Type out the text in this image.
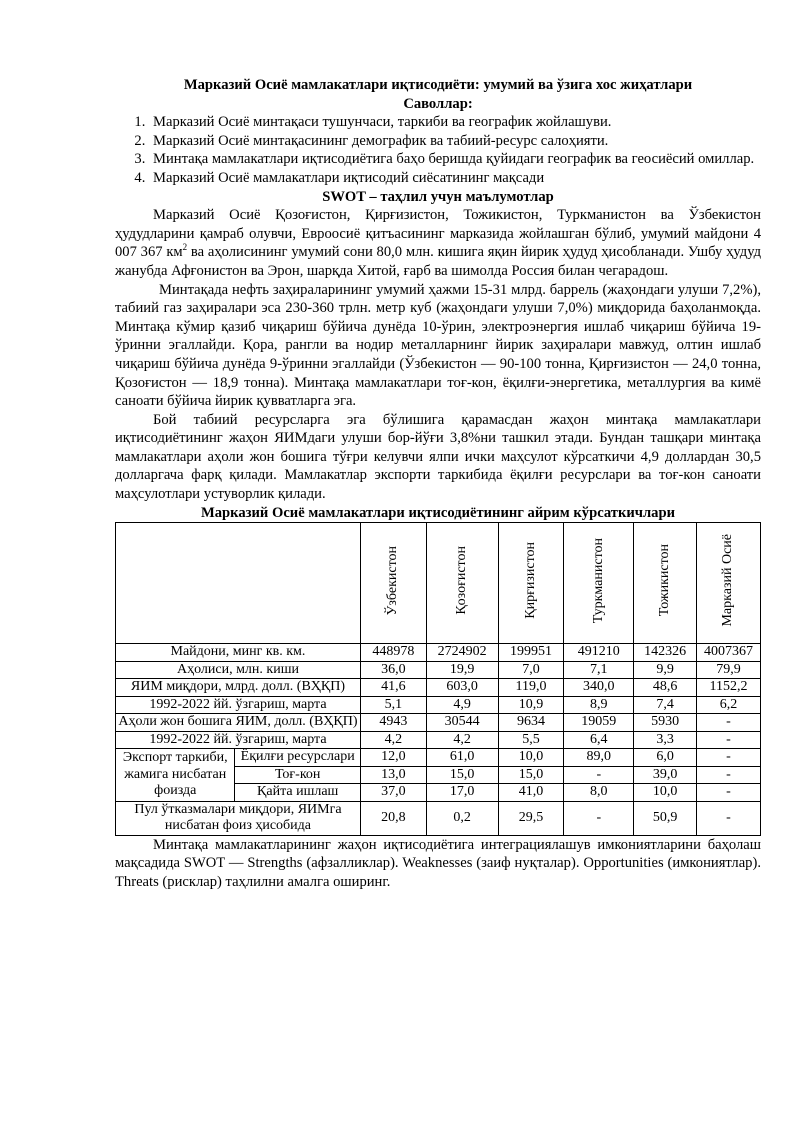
Марказий Осиё мамлакатлари иқтисодиёти: умумий ва ўзига хос жиҳатлари
Саволлар:
1. Марказий Осиё минтақаси тушунчаси, таркиби ва географик жойлашуви.
2. Марказий Осиё минтақасининг демографик ва табиий-ресурс салоҳияти.
3. Минтақа мамлакатлари иқтисодиётига баҳо беришда қуйидаги географик ва геосиёсий омиллар.
4. Марказий Осиё мамлакатлари иқтисодий сиёсатининг мақсади
SWOT – таҳлил учун маълумотлар

Марказий Осиё Қозоғистон, Қирғизистон, Тожикистон, Туркманистон ва Ўзбекистон ҳудудларини қамраб олувчи, Евроосиё қитъасининг марказида жойлашган бўлиб, умумий майдони 4 007 367 $км^2$ ва аҳолисининг умумий сони 80,0 млн. кишига яқин йирик ҳудуд ҳисобланади. Ушбу ҳудуд жанубда Афғонистон ва Эрон, шарқда Хитой, ғарб ва шимолда Россия билан чегарадош.

Минтақада нефть заҳираларининг умумий ҳажми 15-31 млрд. баррель (жаҳондаги улуши 7,2%), табиий газ заҳиралари эса 230-360 трлн. метр куб (жаҳондаги улуши 7,0%) миқдорида баҳоланмоқда. Минтақа кўмир қазиб чиқариш бўйича дунёда 10-ўрин, электроэнергия ишлаб чиқариш бўйича 19-ўринни эгаллайди. Қора, рангли ва нодир металларнинг йирик заҳиралари мавжуд, олтин ишлаб чиқариш бўйича дунёда 9-ўринни эгаллайди (Ўзбекистон — 90-100 тонна, Қирғизистон — 24,0 тонна, Қозоғистон — 18,9 тонна). Минтақа мамлакатлари тоғ-кон, ёқилғи-энергетика, металлургия ва кимё саноати бўйича йирик қувватларга эга.

Бой табиий ресурсларга эга бўлишига қарамасдан жаҳон минтақа мамлакатлари иқтисодиётининг жаҳон ЯИМдаги улуши бор-йўғи 3,8%ни ташкил этади. Бундан ташқари минтақа мамлакатлари аҳоли жон бошига тўғри келувчи ялпи ички маҳсулот кўрсаткичи 4,9 доллардан 30,5 долларгача фарқ қилади. Мамлакатлар экспорти таркибида ёқилғи ресурслари ва тоғ-кон саноати маҳсулотлари устуворлик қилади.

Марказий Осиё мамлакатлари иқтисодиётининг айрим кўрсаткичлари
		Ўзбекистон	Қозоғистон	Қирғизистон	Туркманистон	Тожикистон	Марказий Осиё
Майдони, минг кв. км.		448978	2724902	199951	491210	142326	4007367
Аҳолиси, млн. киши		36,0	19,9	7,0	7,1	9,9	79,9
ЯИМ миқдори, млрд. долл. (ВҲҚП)		41,6	603,0	119,0	340,0	48,6	1152,2
1992-2022 йй. ўзгариш, марта		5,1	4,9	10,9	8,9	7,4	6,2
Аҳоли жон бошига ЯИМ, долл. (ВҲҚП)		4943	30544	9634	19059	5930	-
1992-2022 йй. ўзгариш, марта		4,2	4,2	5,5	6,4	3,3	-
Экспорт таркиби, жамига нисбатан фоизда	Ёқилғи ресурслари	12,0	61,0	10,0	89,0	6,0	-
	Тоғ-кон	13,0	15,0	15,0	-	39,0	-
	Қайта ишлаш	37,0	17,0	41,0	8,0	10,0	-
Пул ўтказмалари миқдори, ЯИМга нисбатан фоиз ҳисобида		20,8	0,2	29,5	-	50,9	-

Минтақа мамлакатларининг жаҳон иқтисодиётига интеграциялашув имкониятларини баҳолаш мақсадида SWOT — Strengths (афзалликлар). Weaknesses (заиф нуқталар). Opportunities (имкониятлар). Threats (рисклар) таҳлилни амалга оширинг.
